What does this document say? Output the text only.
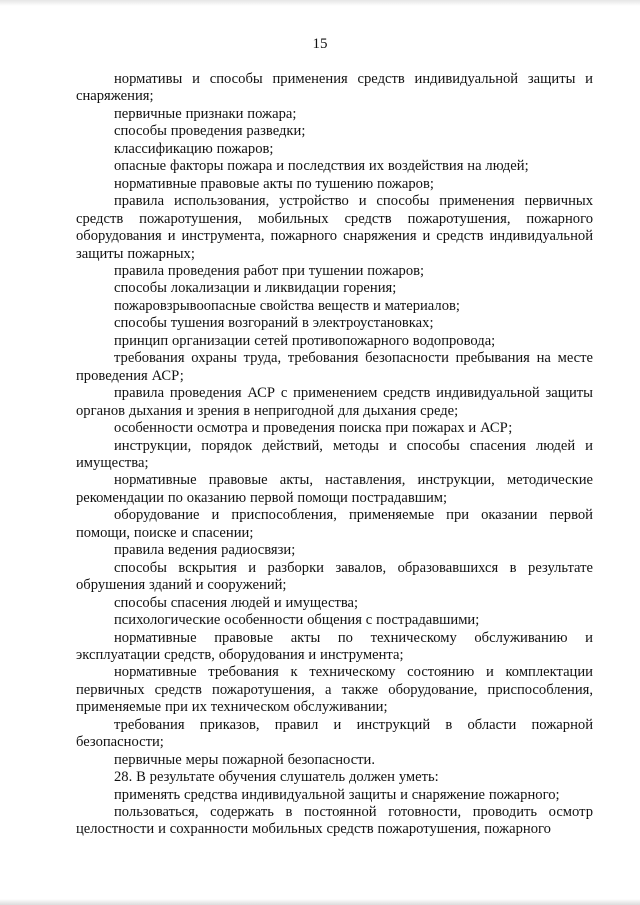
15

нормативы и способы применения средств индивидуальной защиты и снаряжения;

первичные признаки пожара;

способы проведения разведки;

классификацию пожаров;

опасные факторы пожара и последствия их воздействия на людей;

нормативные правовые акты по тушению пожаров;

правила использования, устройство и способы применения первичных средств пожаротушения, мобильных средств пожаротушения, пожарного оборудования и инструмента, пожарного снаряжения и средств индивидуальной защиты пожарных;

правила проведения работ при тушении пожаров;

способы локализации и ликвидации горения;

пожаровзрывоопасные свойства веществ и материалов;

способы тушения возгораний в электроустановках;

принцип организации сетей противопожарного водопровода;

требования охраны труда, требования безопасности пребывания на месте проведения АСР;

правила проведения АСР с применением средств индивидуальной защиты органов дыхания и зрения в непригодной для дыхания среде;

особенности осмотра и проведения поиска при пожарах и АСР;

инструкции, порядок действий, методы и способы спасения людей и имущества;

нормативные правовые акты, наставления, инструкции, методические рекомендации по оказанию первой помощи пострадавшим;

оборудование и приспособления, применяемые при оказании первой помощи, поиске и спасении;

правила ведения радиосвязи;

способы вскрытия и разборки завалов, образовавшихся в результате обрушения зданий и сооружений;

способы спасения людей и имущества;

психологические особенности общения с пострадавшими;

нормативные правовые акты по техническому обслуживанию и эксплуатации средств, оборудования и инструмента;

нормативные требования к техническому состоянию и комплектации первичных средств пожаротушения, а также оборудование, приспособления, применяемые при их техническом обслуживании;

требования приказов, правил и инструкций в области пожарной безопасности;

первичные меры пожарной безопасности.

28. В результате обучения слушатель должен уметь:

применять средства индивидуальной защиты и снаряжение пожарного;

пользоваться, содержать в постоянной готовности, проводить осмотр целостности и сохранности мобильных средств пожаротушения, пожарного
